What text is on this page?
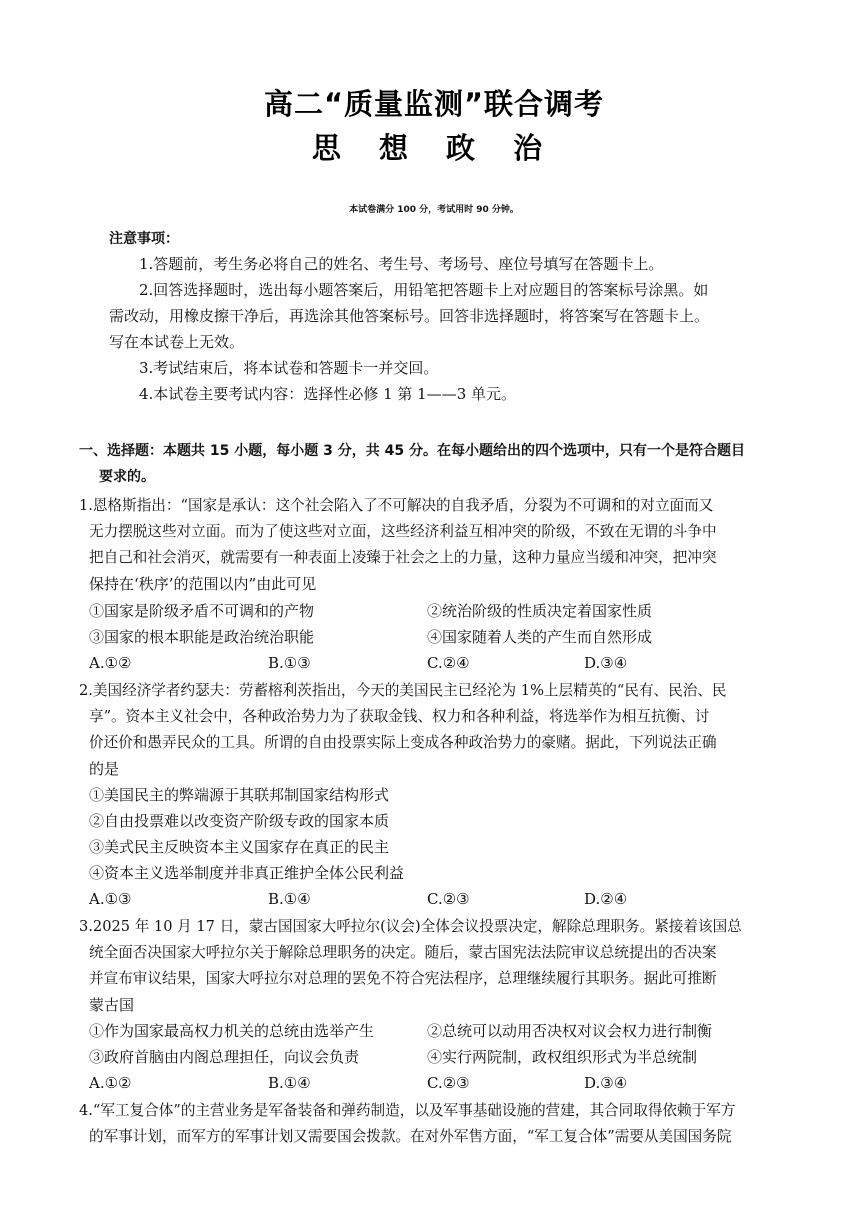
高二“质量监测”联合调考
思 想 政 治
本试卷满分 100 分，考试用时 90 分钟。
注意事项：
1.答题前，考生务必将自己的姓名、考生号、考场号、座位号填写在答题卡上。
2.回答选择题时，选出每小题答案后，用铅笔把答题卡上对应题目的答案标号涂黑。如
需改动，用橡皮擦干净后，再选涂其他答案标号。回答非选择题时，将答案写在答题卡上。
写在本试卷上无效。
3.考试结束后，将本试卷和答题卡一并交回。
4.本试卷主要考试内容：选择性必修 1 第 1——3 单元。
一、选择题：本题共 15 小题，每小题 3 分，共 45 分。在每小题给出的四个选项中，只有一个是符合题目
要求的。
1.恩格斯指出：“国家是承认：这个社会陷入了不可解决的自我矛盾，分裂为不可调和的对立面而又
无力摆脱这些对立面。而为了使这些对立面，这些经济利益互相冲突的阶级，不致在无谓的斗争中
把自己和社会消灭，就需要有一种表面上凌臻于社会之上的力量，这种力量应当缓和冲突，把冲突
保持在‘秩序’的范围以内”由此可见
①国家是阶级矛盾不可调和的产物	②统治阶级的性质决定着国家性质
③国家的根本职能是政治统治职能	④国家随着人类的产生而自然形成
A.①②	B.①③	C.②④	D.③④
2.美国经济学者约瑟夫：劳蓄榕利茨指出，今天的美国民主已经沦为 1%上层精英的“民有、民治、民
享”。资本主义社会中，各种政治势力为了获取金钱、权力和各种利益，将选举作为相互抗衡、讨
价还价和愚弄民众的工具。所谓的自由投票实际上变成各种政治势力的豪赌。据此，下列说法正确
的是
①美国民主的弊端源于其联邦制国家结构形式
②自由投票难以改变资产阶级专政的国家本质
③美式民主反映资本主义国家存在真正的民主
④资本主义选举制度并非真正维护全体公民利益
A.①③	B.①④	C.②③	D.②④
3.2025 年 10 月 17 日，蒙古国国家大呼拉尔(议会)全体会议投票决定，解除总理职务。紧接着该国总
统全面否决国家大呼拉尔关于解除总理职务的决定。随后，蒙古国宪法法院审议总统提出的否决案
并宣布审议结果，国家大呼拉尔对总理的罢免不符合宪法程序，总理继续履行其职务。据此可推断
蒙古国
①作为国家最高权力机关的总统由选举产生	②总统可以动用否决权对议会权力进行制衡
③政府首脑由内阁总理担任，向议会负责	④实行两院制，政权组织形式为半总统制
A.①②	B.①④	C.②③	D.③④
4.“军工复合体”的主营业务是军备装备和弹药制造，以及军事基础设施的营建，其合同取得依赖于军方
的军事计划，而军方的军事计划又需要国会拨款。在对外军售方面，“军工复合体”需要从美国国务院
